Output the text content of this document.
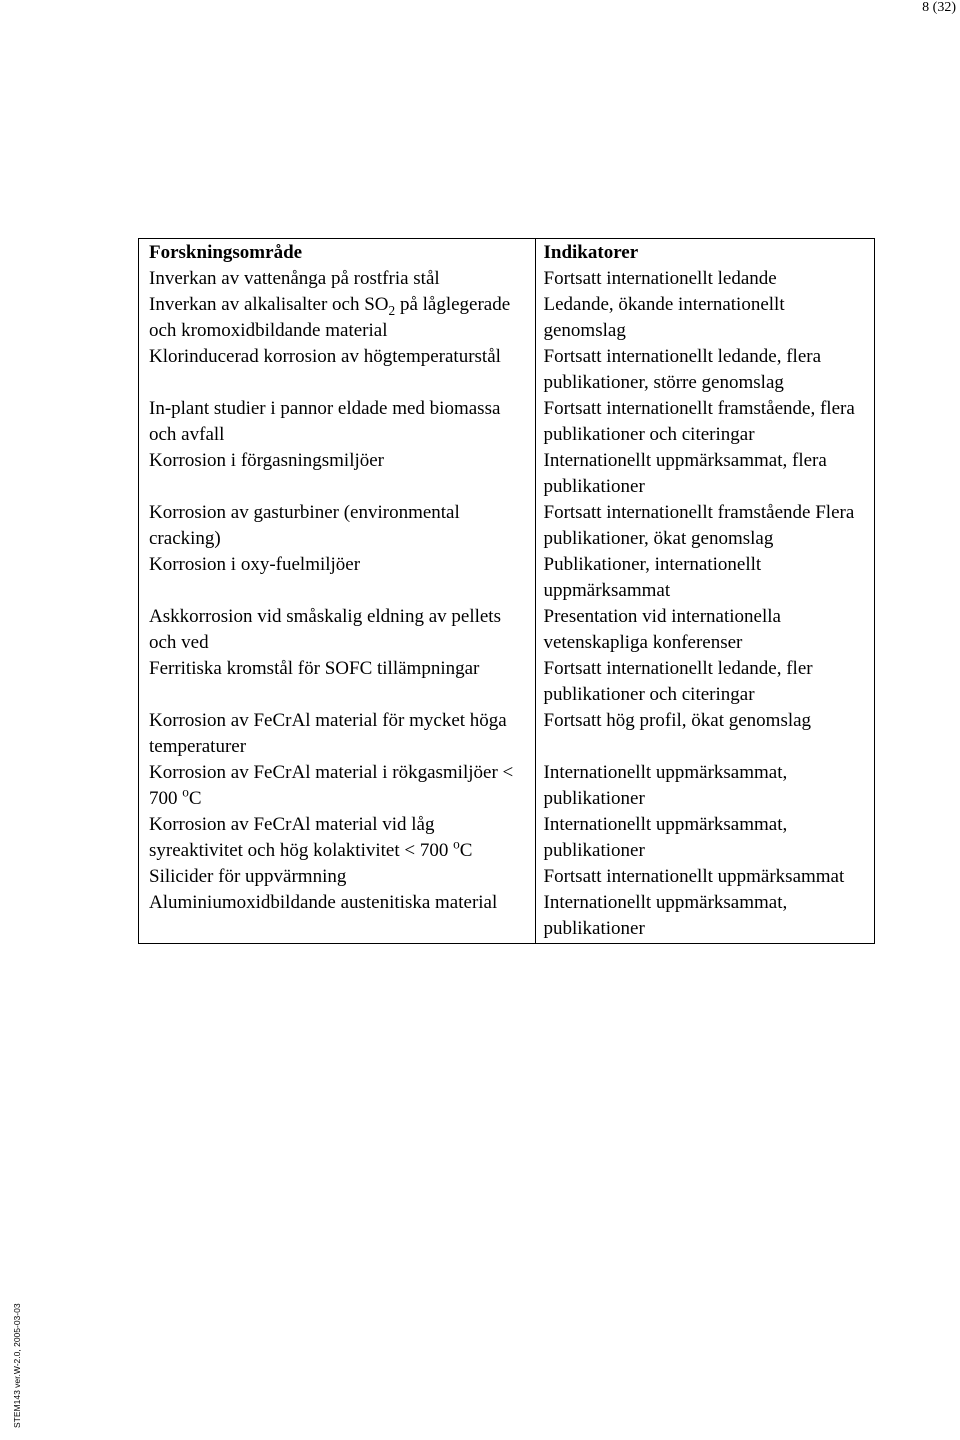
8 (32)
Forskningsområde	Indikatorer
Inverkan av vattenånga på rostfria stål	Fortsatt internationellt ledande
Inverkan av alkalisalter och $SO_2$ på låglegerade och kromoxidbildande material	Ledande, ökande internationellt genomslag
Klorinducerad korrosion av högtemperaturstål	Fortsatt internationellt ledande, flera publikationer, större genomslag
In-plant studier i pannor eldade med biomassa och avfall	Fortsatt internationellt framstående, flera publikationer och citeringar
Korrosion i förgasningsmiljöer	Internationellt uppmärksammat, flera publikationer
Korrosion av gasturbiner (environmental cracking)	Fortsatt internationellt framstående Flera publikationer, ökat genomslag
Korrosion i oxy-fuelmiljöer	Publikationer, internationellt uppmärksammat
Askkorrosion vid småskalig eldning av pellets och ved	Presentation vid internationella vetenskapliga konferenser
Ferritiska kromstål för SOFC tillämpningar	Fortsatt internationellt ledande, fler publikationer och citeringar
Korrosion av FeCrAl material för mycket höga temperaturer	Fortsatt hög profil, ökat genomslag
Korrosion av FeCrAl material i rökgasmiljöer < 700 $^o$C	Internationellt uppmärksammat, publikationer
Korrosion av FeCrAl material vid låg syreaktivitet och hög kolaktivitet < 700 $^o$C	Internationellt uppmärksammat, publikationer
Silicider för uppvärmning	Fortsatt internationellt uppmärksammat
Aluminiumoxidbildande austenitiska material	Internationellt uppmärksammat, publikationer
STEM143 ver.W-2.0, 2005-03-03
